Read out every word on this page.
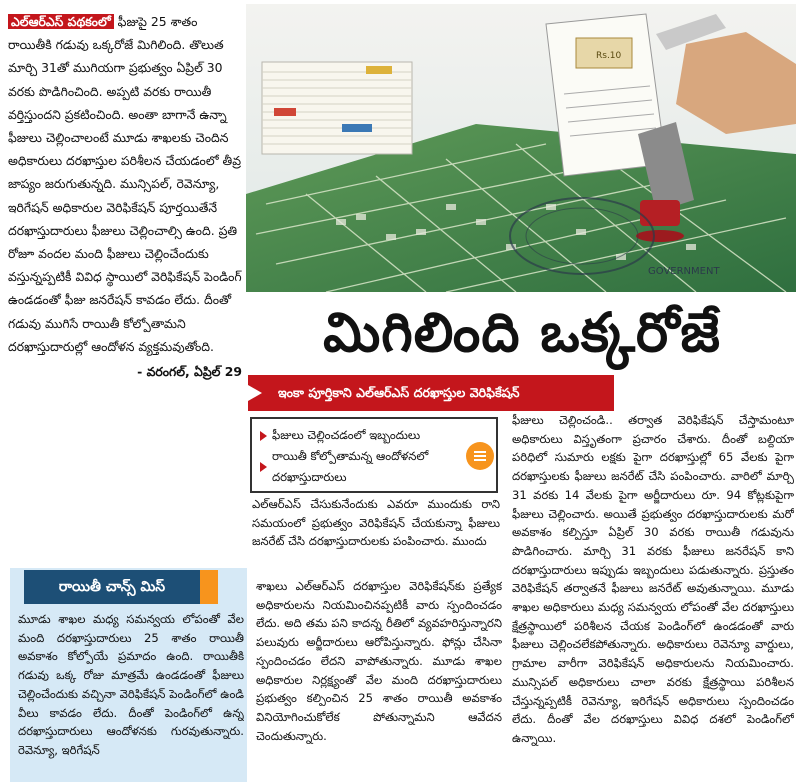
ఎల్‌ఆర్‌ఎస్‌ పథకంలో ఫీజుపై 25 శాతం రాయితీకి గడువు ఒక్కరోజే మిగిలింది. తొలుత మార్చి 31తో ముగియగా ప్రభుత్వం ఏప్రిల్‌ 30 వరకు పొడిగించింది. అప్పటి వరకు రాయితీ వర్తిస్తుందని ప్రకటించింది. అంతా బాగానే ఉన్నా ఫీజులు చెల్లించాలంటే మూడు శాఖలకు చెందిన అధికారులు దరఖాస్తుల పరిశీలన చేయడంలో తీవ్ర జాప్యం జరుగుతున్నది. మున్సిపల్‌, రెవెన్యూ, ఇరిగేషన్‌ అధికారుల వెరిఫికేషన్‌ పూర్తయితేనే దరఖాస్తుదారులు ఫీజులు చెల్లించాల్సి ఉంది. ప్రతి రోజూ వందల మంది ఫీజులు చెల్లించేందుకు వస్తున్నప్పటికీ వివిధ స్థాయిలో వెరిఫికేషన్‌ పెండింగ్‌ ఉండడంతో ఫీజు జనరేషన్‌ కావడం లేదు. దీంతో గడువు ముగిసే రాయితీ కోల్పోతామని దరఖాస్తుదారుల్లో ఆందోళన వ్యక్తమవుతోంది.

- వరంగల్‌, ఏప్రిల్‌ 29

Rs.10
GOVERNMENT
మిగిలింది ఒక్కరోజే
ఇంకా పూర్తికాని ఎల్‌ఆర్‌ఎస్‌ దరఖాస్తుల వెరిఫికేషన్‌
ఫీజులు చెల్లించడంలో ఇబ్బందులు
రాయితీ కోల్పోతామన్న ఆందోళనలో దరఖాస్తుదారులు
ఎల్‌ఆర్‌ఎస్‌ చేసుకునేందుకు ఎవరూ ముందుకు రాని సమయంలో ప్రభుత్వం వెరిఫికేషన్‌ చేయకున్నా ఫీజులు జనరేట్‌ చేసి దరఖాస్తుదారులకు పంపించారు. ముందు
ఫీజులు చెల్లించండి.. తర్వాత వెరిఫికేషన్‌ చేస్తామంటూ అధికారులు విస్తృతంగా ప్రచారం చేశారు. దీంతో బల్దియా పరిధిలో సుమారు లక్షకు పైగా దరఖాస్తుల్లో 65 వేలకు పైగా దరఖాస్తులకు ఫీజులు జనరేట్‌ చేసి పంపించారు. వారిలో మార్చి 31 వరకు 14 వేలకు పైగా అర్జీదారులు రూ. 94 కోట్లకుపైగా ఫీజులు చెల్లించారు. అయితే ప్రభుత్వం దరఖాస్తుదారులకు మరో అవకాశం కల్పిస్తూ ఏప్రిల్‌ 30 వరకు రాయితీ గడువును పొడిగించారు. మార్చి 31 వరకు ఫీజులు జనరేషన్‌ కాని దరఖాస్తుదారులు ఇప్పుడు ఇబ్బందులు పడుతున్నారు. ప్రస్తుతం వెరిఫికేషన్‌ తర్వాతనే ఫీజులు జనరేట్‌ అవుతున్నాయి. మూడు శాఖల అధికారులు మధ్య సమన్వయ లోపంతో వేల దరఖాస్తులు క్షేత్రస్థాయిలో పరిశీలన చేయక పెండింగ్‌లో ఉండడంతో వారు ఫీజులు చెల్లించలేకపోతున్నారు. అధికారులు రెవెన్యూ వార్డులు, గ్రామాల వారీగా వెరిఫికేషన్‌ అధికారులను నియమించారు. మున్సిపల్‌ అధికారులు చాలా వరకు క్షేత్రస్థాయి పరిశీలన చేస్తున్నప్పటికీ రెవెన్యూ, ఇరిగేషన్‌ అధికారులు స్పందించడం లేదు. దీంతో వేల దరఖాస్తులు వివిధ దశలో పెండింగ్‌లో ఉన్నాయి.
రాయితీ చాన్స్‌ మిస్‌
మూడు శాఖల మధ్య సమన్వయ లోపంతో వేల మంది దరఖాస్తుదారులు 25 శాతం రాయితీ అవకాశం కోల్పోయే ప్రమాదం ఉంది. రాయితీకి గడువు ఒక్క రోజు మాత్రమే ఉండడంతో ఫీజులు చెల్లించేందుకు వచ్చినా వెరిఫికేషన్‌ పెండింగ్‌లో ఉండి వీలు కావడం లేదు. దీంతో పెండింగ్‌లో ఉన్న దరఖాస్తుదారులు ఆందోళనకు గురవుతున్నారు. రెవెన్యూ, ఇరిగేషన్‌
శాఖలు ఎల్‌ఆర్‌ఎస్‌ దరఖాస్తుల వెరిఫికేషన్‌కు ప్రత్యేక అధికారులను నియమించినప్పటికీ వారు స్పందించడం లేదు. అది తమ పని కాదన్న రీతిలో వ్యవహరిస్తున్నారని పలువురు అర్జీదారులు ఆరోపిస్తున్నారు. ఫోన్లు చేసినా స్పందించడం లేదని వాపోతున్నారు. మూడు శాఖల అధికారుల నిర్లక్ష్యంతో వేల మంది దరఖాస్తుదారులు ప్రభుత్వం కల్పించిన 25 శాతం రాయితీ అవకాశం వినియోగించుకోలేక పోతున్నామని ఆవేదన చెందుతున్నారు.
